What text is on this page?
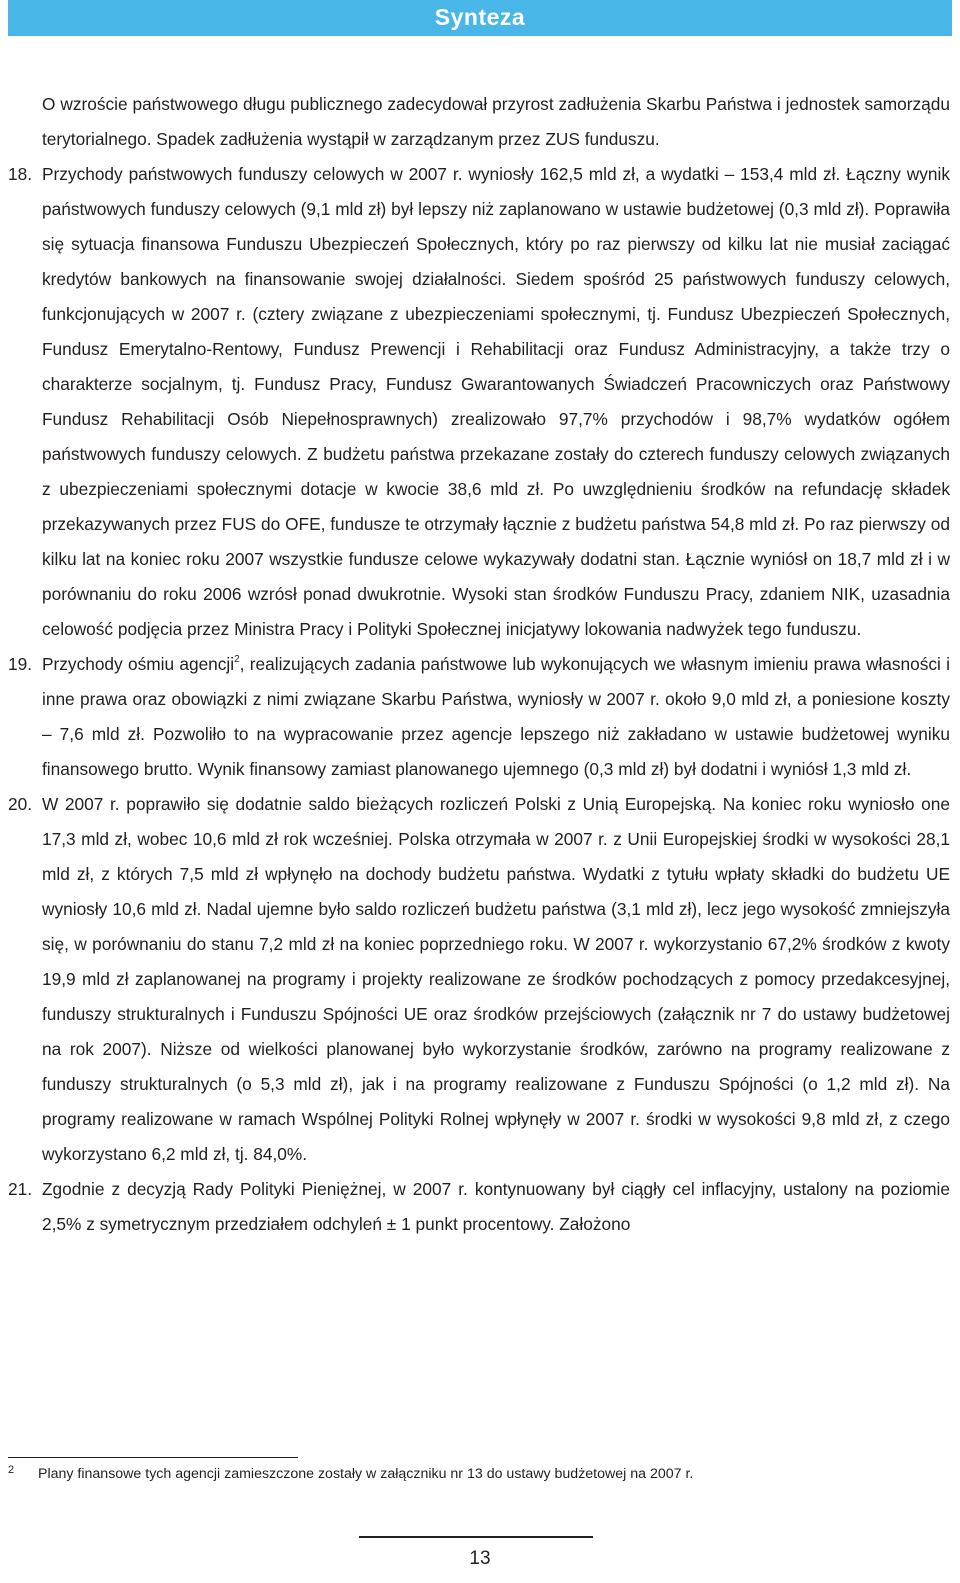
Synteza

O wzroście państwowego długu publicznego zadecydował przyrost zadłużenia Skarbu Państwa i jednostek samorządu terytorialnego. Spadek zadłużenia wystąpił w zarządzanym przez ZUS funduszu.

18. Przychody państwowych funduszy celowych w 2007 r. wyniosły 162,5 mld zł, a wydatki – 153,4 mld zł. Łączny wynik państwowych funduszy celowych (9,1 mld zł) był lepszy niż zaplanowano w ustawie budżetowej (0,3 mld zł). Poprawiła się sytuacja finansowa Funduszu Ubezpieczeń Społecznych, który po raz pierwszy od kilku lat nie musiał zaciągać kredytów bankowych na finansowanie swojej działalności. Siedem spośród 25 państwowych funduszy celowych, funkcjonujących w 2007 r. (cztery związane z ubezpieczeniami społecznymi, tj. Fundusz Ubezpieczeń Społecznych, Fundusz Emerytalno-Rentowy, Fundusz Prewencji i Rehabilitacji oraz Fundusz Administracyjny, a także trzy o charakterze socjalnym, tj. Fundusz Pracy, Fundusz Gwarantowanych Świadczeń Pracowniczych oraz Państwowy Fundusz Rehabilitacji Osób Niepełnosprawnych) zrealizowało 97,7% przychodów i 98,7% wydatków ogółem państwowych funduszy celowych. Z budżetu państwa przekazane zostały do czterech funduszy celowych związanych z ubezpieczeniami społecznymi dotacje w kwocie 38,6 mld zł. Po uwzględnieniu środków na refundację składek przekazywanych przez FUS do OFE, fundusze te otrzymały łącznie z budżetu państwa 54,8 mld zł. Po raz pierwszy od kilku lat na koniec roku 2007 wszystkie fundusze celowe wykazywały dodatni stan. Łącznie wyniósł on 18,7 mld zł i w porównaniu do roku 2006 wzrósł ponad dwukrotnie. Wysoki stan środków Funduszu Pracy, zdaniem NIK, uzasadnia celowość podjęcia przez Ministra Pracy i Polityki Społecznej inicjatywy lokowania nadwyżek tego funduszu.

19. Przychody ośmiu agencji$^2$, realizujących zadania państwowe lub wykonujących we własnym imieniu prawa własności i inne prawa oraz obowiązki z nimi związane Skarbu Państwa, wyniosły w 2007 r. około 9,0 mld zł, a poniesione koszty – 7,6 mld zł. Pozwoliło to na wypracowanie przez agencje lepszego niż zakładano w ustawie budżetowej wyniku finansowego brutto. Wynik finansowy zamiast planowanego ujemnego (0,3 mld zł) był dodatni i wyniósł 1,3 mld zł.

20. W 2007 r. poprawiło się dodatnie saldo bieżących rozliczeń Polski z Unią Europejską. Na koniec roku wyniosło one 17,3 mld zł, wobec 10,6 mld zł rok wcześniej. Polska otrzymała w 2007 r. z Unii Europejskiej środki w wysokości 28,1 mld zł, z których 7,5 mld zł wpłynęło na dochody budżetu państwa. Wydatki z tytułu wpłaty składki do budżetu UE wyniosły 10,6 mld zł. Nadal ujemne było saldo rozliczeń budżetu państwa (3,1 mld zł), lecz jego wysokość zmniejszyła się, w porównaniu do stanu 7,2 mld zł na koniec poprzedniego roku. W 2007 r. wykorzystanio 67,2% środków z kwoty 19,9 mld zł zaplanowanej na programy i projekty realizowane ze środków pochodzących z pomocy przedakcesyjnej, funduszy strukturalnych i Funduszu Spójności UE oraz środków przejściowych (załącznik nr 7 do ustawy budżetowej na rok 2007). Niższe od wielkości planowanej było wykorzystanie środków, zarówno na programy realizowane z funduszy strukturalnych (o 5,3 mld zł), jak i na programy realizowane z Funduszu Spójności (o 1,2 mld zł). Na programy realizowane w ramach Wspólnej Polityki Rolnej wpłynęły w 2007 r. środki w wysokości 9,8 mld zł, z czego wykorzystano 6,2 mld zł, tj. 84,0%.

21. Zgodnie z decyzją Rady Polityki Pieniężnej, w 2007 r. kontynuowany był ciągły cel inflacyjny, ustalony na poziomie 2,5% z symetrycznym przedziałem odchyleń ± 1 punkt procentowy. Założono

2 Plany finansowe tych agencji zamieszczone zostały w załączniku nr 13 do ustawy budżetowej na 2007 r.
13
